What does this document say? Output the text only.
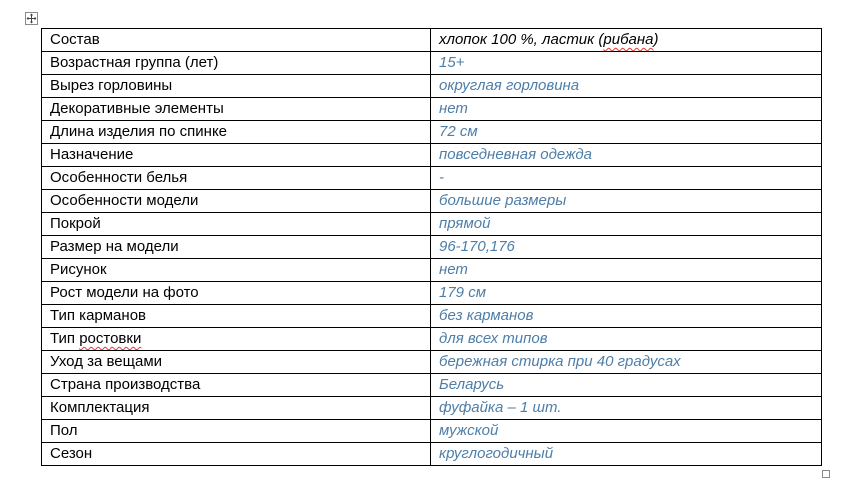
Состав	хлопок 100 %, ластик (рибана)
Возрастная группа (лет)	15+
Вырез горловины	округлая горловина
Декоративные элементы	нет
Длина изделия по спинке	72 см
Назначение	повседневная одежда
Особенности белья	-
Особенности модели	большие размеры
Покрой	прямой
Размер на модели	96-170,176
Рисунок	нет
Рост модели на фото	179 см
Тип карманов	без карманов
Тип ростовки	для всех типов
Уход за вещами	бережная стирка при 40 градусах
Страна производства	Беларусь
Комплектация	фуфайка – 1 шт.
Пол	мужской
Сезон	круглогодичный
